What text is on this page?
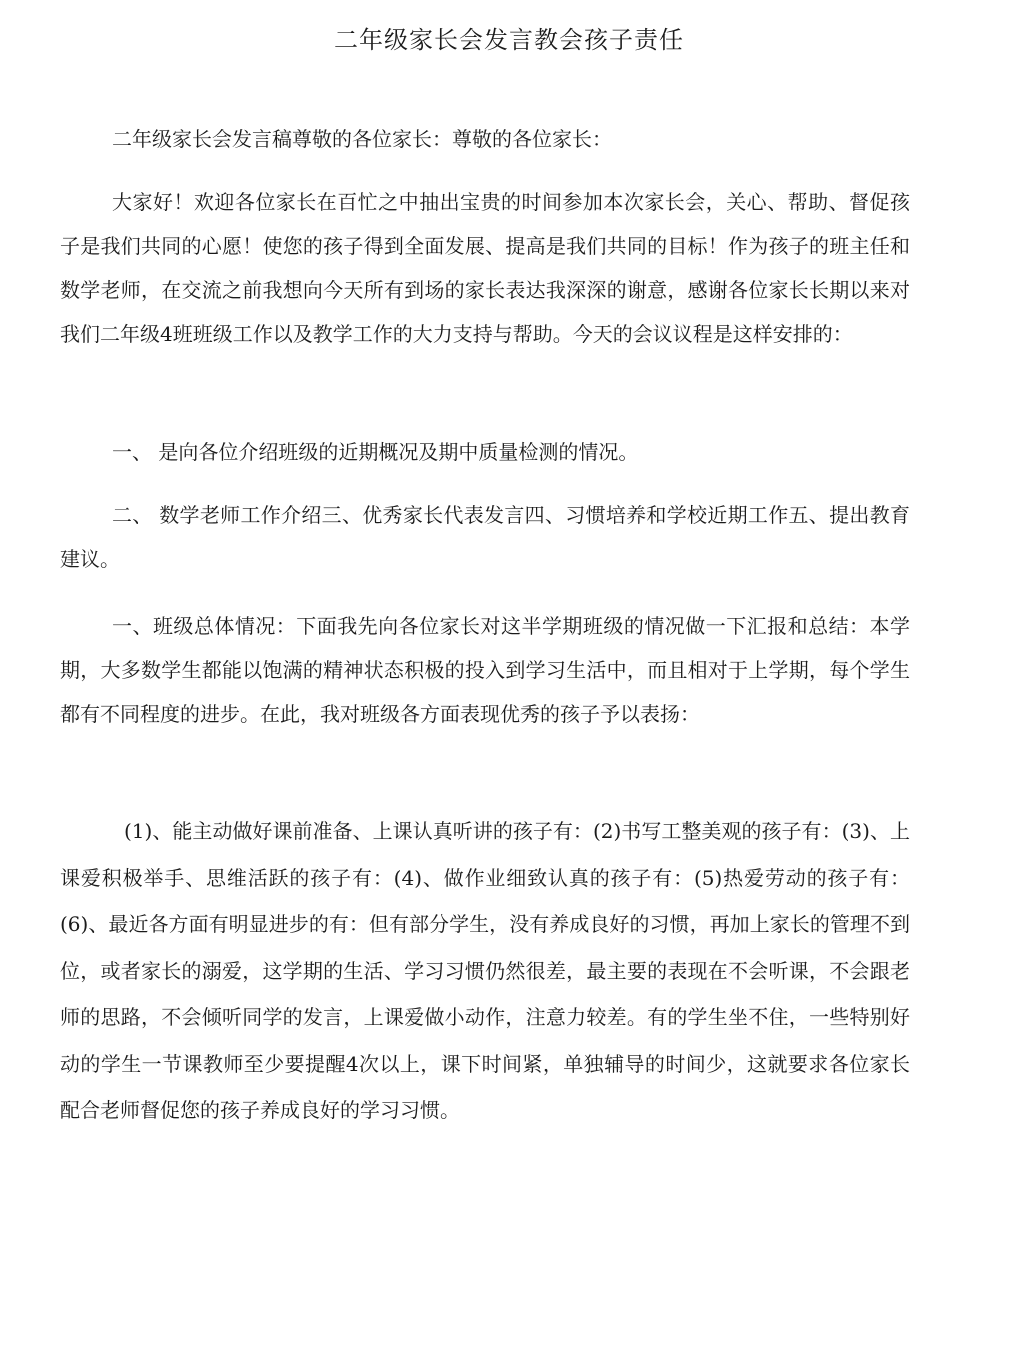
二年级家长会发言教会孩子责任

二年级家长会发言稿尊敬的各位家长：尊敬的各位家长：

大家好！欢迎各位家长在百忙之中抽出宝贵的时间参加本次家长会，关心、帮助、督促孩子是我们共同的心愿！使您的孩子得到全面发展、提高是我们共同的目标！作为孩子的班主任和数学老师，在交流之前我想向今天所有到场的家长表达我深深的谢意，感谢各位家长长期以来对我们二年级4班班级工作以及教学工作的大力支持与帮助。今天的会议议程是这样安排的：

一、 是向各位介绍班级的近期概况及期中质量检测的情况。

二、 数学老师工作介绍三、优秀家长代表发言四、习惯培养和学校近期工作五、提出教育建议。

一、班级总体情况：下面我先向各位家长对这半学期班级的情况做一下汇报和总结：本学期，大多数学生都能以饱满的精神状态积极的投入到学习生活中，而且相对于上学期，每个学生都有不同程度的进步。在此，我对班级各方面表现优秀的孩子予以表扬：

(1)、能主动做好课前准备、上课认真听讲的孩子有：(2)书写工整美观的孩子有：(3)、上课爱积极举手、思维活跃的孩子有：(4)、做作业细致认真的孩子有：(5)热爱劳动的孩子有：(6)、最近各方面有明显进步的有：但有部分学生，没有养成良好的习惯，再加上家长的管理不到位，或者家长的溺爱，这学期的生活、学习习惯仍然很差，最主要的表现在不会听课，不会跟老师的思路，不会倾听同学的发言，上课爱做小动作，注意力较差。有的学生坐不住，一些特别好动的学生一节课教师至少要提醒4次以上，课下时间紧，单独辅导的时间少，这就要求各位家长配合老师督促您的孩子养成良好的学习习惯。
